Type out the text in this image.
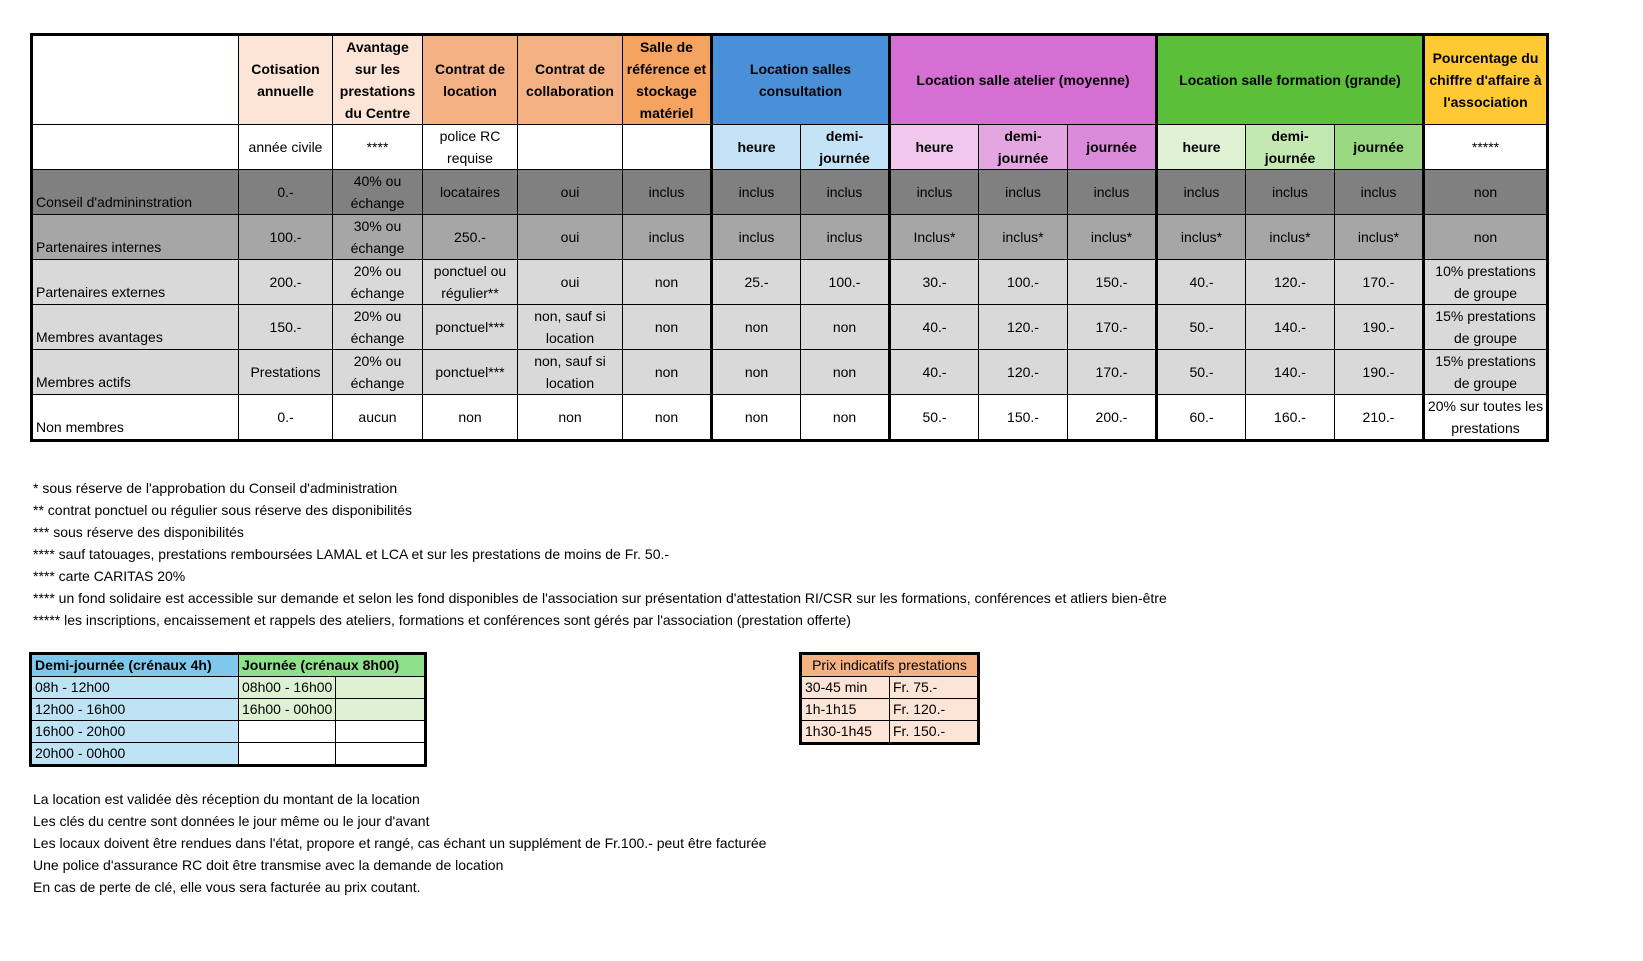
	Cotisation annuelle	Avantage sur les prestations du Centre	Contrat de location	Contrat de collaboration	Salle de référence et stockage matériel	Location salles consultation		Location salle atelier (moyenne)			Location salle formation (grande)			Pourcentage du chiffre d'affaire à l'association
	année civile	****	police RC requise			heure	demi-journée	heure	demi-journée	journée	heure	demi-journée	journée	*****
Conseil d'admininstration	0.-	40% ou échange	locataires	oui	inclus	inclus	inclus	inclus	inclus	inclus	inclus	inclus	inclus	non
Partenaires internes	100.-	30% ou échange	250.-	oui	inclus	inclus	inclus	Inclus*	inclus*	inclus*	inclus*	inclus*	inclus*	non
Partenaires externes	200.-	20% ou échange	ponctuel ou régulier**	oui	non	25.-	100.-	30.-	100.-	150.-	40.-	120.-	170.-	10% prestations de groupe
Membres avantages	150.-	20% ou échange	ponctuel***	non, sauf si location	non	non	non	40.-	120.-	170.-	50.-	140.-	190.-	15% prestations de groupe
Membres actifs	Prestations	20% ou échange	ponctuel***	non, sauf si location	non	non	non	40.-	120.-	170.-	50.-	140.-	190.-	15% prestations de groupe
Non membres	0.-	aucun	non	non	non	non	non	50.-	150.-	200.-	60.-	160.-	210.-	20% sur toutes les prestations
* sous réserve de l'approbation du Conseil d'administration
** contrat ponctuel ou régulier sous réserve des disponibilités
*** sous réserve des disponibilités
**** sauf tatouages, prestations remboursées LAMAL et LCA et sur les prestations de moins de Fr. 50.-
**** carte CARITAS 20%
**** un fond solidaire est accessible sur demande et selon les fond disponibles de l'association sur présentation d'attestation RI/CSR sur les formations, conférences et atliers bien-être
***** les inscriptions, encaissement et rappels des ateliers, formations et conférences sont gérés par l'association (prestation offerte)
Demi-journée (crénaux 4h)	Journée (crénaux 8h00)	
08h - 12h00	08h00 - 16h00	
12h00 - 16h00	16h00 - 00h00	
16h00 - 20h00		
20h00 - 00h00		
Prix indicatifs prestations	
30-45 min	Fr. 75.-
1h-1h15	Fr. 120.-
1h30-1h45	Fr. 150.-
La location est validée dès réception du montant de la location
Les clés du centre sont données le jour même ou le jour d'avant
Les locaux doivent être rendues dans l'état, propore et rangé, cas échant un supplément de Fr.100.- peut être facturée
Une police d'assurance RC doit être transmise avec la demande de location
En cas de perte de clé, elle vous sera facturée au prix coutant.
